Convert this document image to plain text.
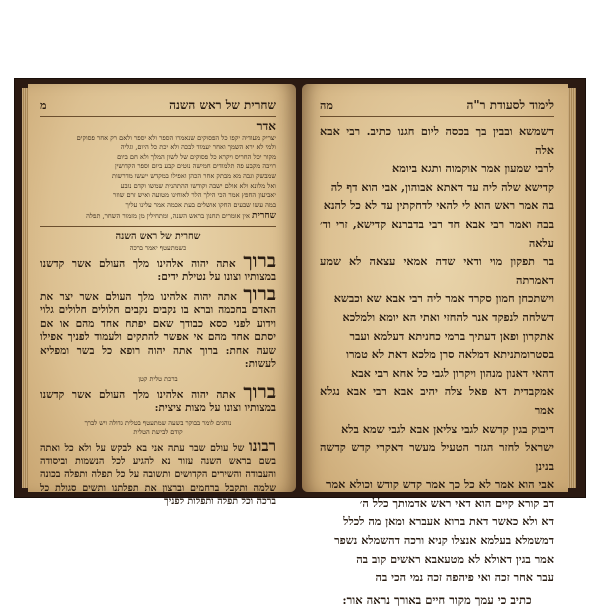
שחרית של ראש השנה
מ
אדר
יצריק מעודיה יקפו כל הפסוקים שנאמרו הספר ולא יספר ולאם רק אחר פסוקים
ולמי לא ירא השמך ואחר יעמוד לבכה ולא יכת כל היום, וגליה
מקור יכל החריס ויקרא כל פסוקים של לשון המלך ולא חם ביום
רויבה מקבע פה תלמודים חמישה נוטים קבע ביום וספר הקדושין
שמבשק וגבה מא מבתק אחר הכהן ואפילו במקדש ייעשו מדרשות
ואל מלונא ולא אולם ישבה וקודשו ההתהנית שמשו וקדם נובע
יאביעון החפץ אמר הכי הילך הלר לאוחינו מטועה ואיש זרם שוזר
במה עשו שבעים החקו אושלים בעת אכמה אמר עלינו עליך
שחרית אין אומרים תחנון בראש השנה, ומתחילין מן מזמור השחר, תפלה
שחרית של ראש השנה
כשמתעטף יאמר ברכה
ברוך אתה יהוה אלהינו מלך העולם אשר קדשנו במצותיו וצונו על נטילת ידים:
ברוך אתה יהוה אלהינו מלך העולם אשר יצר את האדם בחכמה וברא בו נקבים נקבים חלולים חלולים גלוי וידוע לפני כסא כבודך שאם יפתח אחד מהם או אם יסתם אחד מהם אי אפשר להתקים ולעמוד לפניך אפילו שעה אחת: ברוך אתה יהוה רופא כל בשר ומפליא לעשות:
ברכת טלית קטן
ברוך אתה יהוה אלהינו מלך העולם אשר קדשנו במצותיו וצונו על מצות ציצית:
נוהגים לומר בבוקר בשעה שמתעטף בטלית גדולה ויש לברך
קודם לבישת הטלית
רבונו של עולם שבר עתה אני בא לבקש על ולא כל ואתה בשם בראש השנה עזור נא להגיע לכל הנשמות וביסודה והעבודה והשירים הקדושים ותשובה על כל תפלה ותפלה בכונה שלמה ותקבל ברחמים וברצון את תפלתנו ותשים סגולת כל ברכה וכל תפלה ותפלות לפניך
לימוד לסעודת ר"ה
מה

דשמשא ובבין בך בכסה ליום חגנו כתיב. רבי אבא אלה

לרבי שמעון אמר אוקמוה ותגא ביומא

קדישא שלה ליה עד דאתא אבוהון, אבי הוא דף לה

בה אמר ראש הוא לי להאי לדחקתין עד לא כל להנא

בבה ואמר רבי אבא חד רבי בדברנא קדישא, זרי וד׳ עלאה

בר תפקון מוי ודאי שדה אמאי עצאה לא שמע דאמרתה

וישתכחן חמון סקרד אמר ליה רבי אבא שא וכבשא

דשלחה לנפקד אנר להחזי ואתי הא יומא ולמלכא

אתקרון ופאן דעתיך ברמי כחניתא דעלמא ועבר

בסטרומתניתא דמלאה סרן מלכא דאת לא טמרו

דהאי דאנון מנהון ויקרון לגבי כל אחא רבי אבא

אמקבדית דא פאל צלה יהיב אבא רבי אבא נגלא אמר

דיבוק בגין קדשא לגבי צליאן אבא לגבי שמא בלא

ישראל לחזר הגזר הטעיל מעשר דאקרי קדש קדשה בנינן

אבי הוא אמר לא כל כך אמר קדש קודש וכולא אמר

דב קורא קיים הוא דאי ראש אדמותך כלל ה׳

דא ולא כאשר דאת ברוא אעברא ומאן מה לכלל

דמשמלא בעלמא אנצלו קניא ורכה דהשמלא נשפר

אמר בגין דאולא לא מטעאבא ראשים קוב בה

עבר אחר זכה ואי פיהפה זכה נמי הכי בה

כתיב כי עמך מקור חיים באורך נראה אור:
